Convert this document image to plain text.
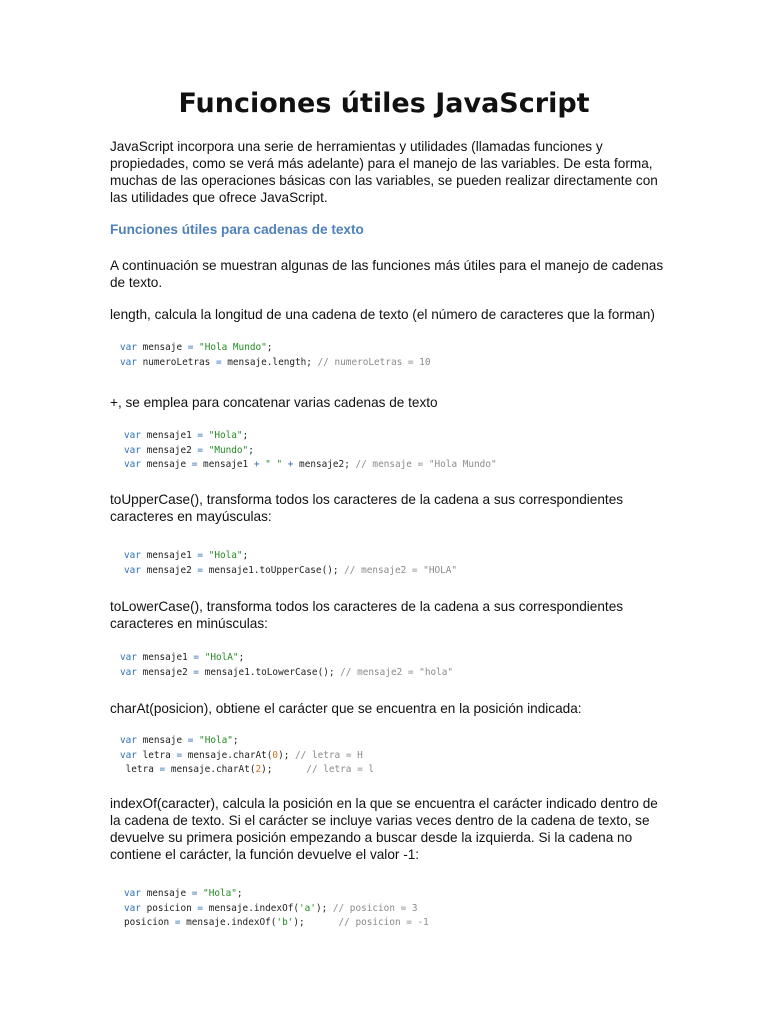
Funciones útiles JavaScript
JavaScript incorpora una serie de herramientas y utilidades (llamadas funciones y propiedades, como se verá más adelante) para el manejo de las variables. De esta forma, muchas de las operaciones básicas con las variables, se pueden realizar directamente con las utilidades que ofrece JavaScript.
Funciones útiles para cadenas de texto
A continuación se muestran algunas de las funciones más útiles para el manejo de cadenas de texto.
length, calcula la longitud de una cadena de texto (el número de caracteres que la forman)
var mensaje = "Hola Mundo";
var numeroLetras = mensaje.length; // numeroLetras = 10
+, se emplea para concatenar varias cadenas de texto
var mensaje1 = "Hola";
var mensaje2 = "Mundo";
var mensaje = mensaje1 + " " + mensaje2; // mensaje = "Hola Mundo"
toUpperCase(), transforma todos los caracteres de la cadena a sus correspondientes caracteres en mayúsculas:
var mensaje1 = "Hola";
var mensaje2 = mensaje1.toUpperCase(); // mensaje2 = "HOLA"
toLowerCase(), transforma todos los caracteres de la cadena a sus correspondientes caracteres en minúsculas:
var mensaje1 = "HolA";
var mensaje2 = mensaje1.toLowerCase(); // mensaje2 = "hola"
charAt(posicion), obtiene el carácter que se encuentra en la posición indicada:
var mensaje = "Hola";
var letra = mensaje.charAt(0); // letra = H
letra = mensaje.charAt(2);      // letra = l
indexOf(caracter), calcula la posición en la que se encuentra el carácter indicado dentro de la cadena de texto. Si el carácter se incluye varias veces dentro de la cadena de texto, se devuelve su primera posición empezando a buscar desde la izquierda. Si la cadena no contiene el carácter, la función devuelve el valor -1:
var mensaje = "Hola";
var posicion = mensaje.indexOf('a'); // posicion = 3
posicion = mensaje.indexOf('b');      // posicion = -1
